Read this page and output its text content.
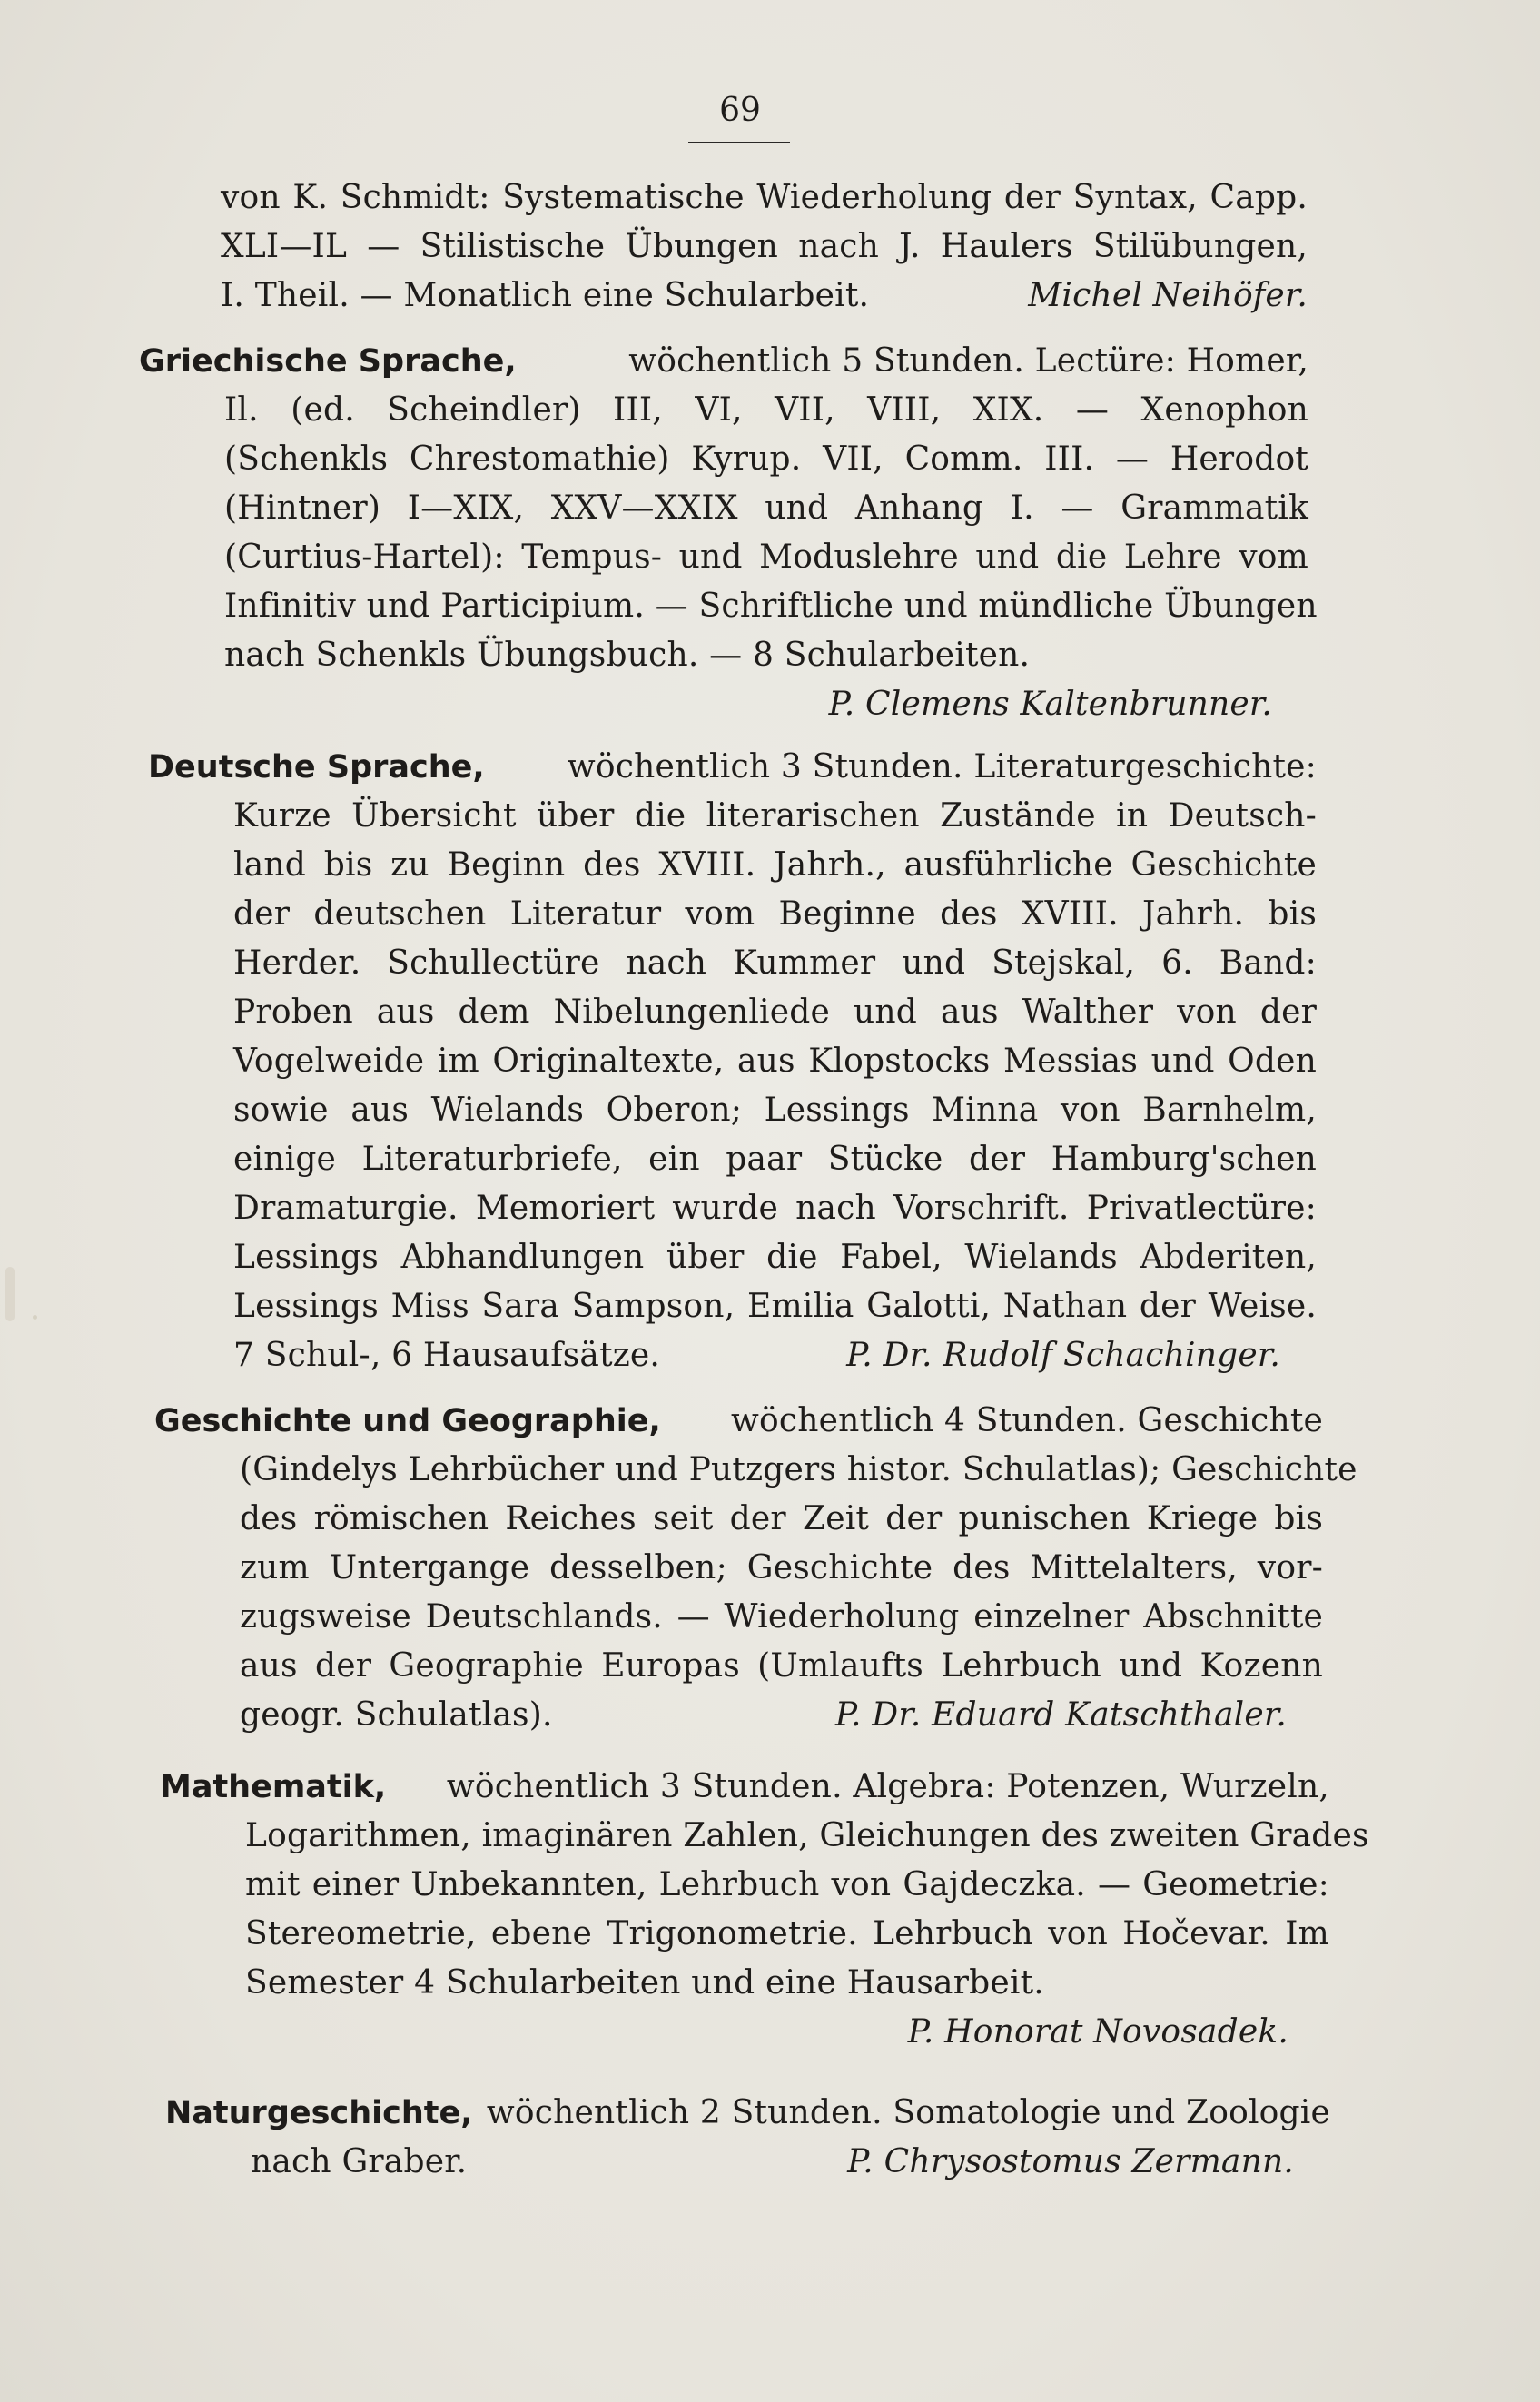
69
von K. Schmidt: Systematische Wiederholung der Syntax, Capp.
XLI—IL — Stilistische Übungen nach J. Haulers Stilübungen,
I. Theil. — Monatlich eine Schularbeit.	Michel Neihöfer.
Griechische Sprache,	wöchentlich 5 Stunden. Lectüre: Homer,
Il. (ed. Scheindler) III, VI, VII, VIII, XIX. — Xenophon
(Schenkls Chrestomathie) Kyrup. VII, Comm. III. — Herodot
(Hintner) I—XIX, XXV—XXIX und Anhang I. — Grammatik
(Curtius-Hartel): Tempus- und Moduslehre und die Lehre vom
Infinitiv und Participium. — Schriftliche und mündliche Übungen
nach Schenkls Übungsbuch. — 8 Schularbeiten.
P. Clemens Kaltenbrunner.
Deutsche Sprache,	wöchentlich 3 Stunden. Literaturgeschichte:
Kurze Übersicht über die literarischen Zustände in Deutsch-
land bis zu Beginn des XVIII. Jahrh., ausführliche Geschichte
der deutschen Literatur vom Beginne des XVIII. Jahrh. bis
Herder. Schullectüre nach Kummer und Stejskal, 6. Band:
Proben aus dem Nibelungenliede und aus Walther von der
Vogelweide im Originaltexte, aus Klopstocks Messias und Oden
sowie aus Wielands Oberon; Lessings Minna von Barnhelm,
einige Literaturbriefe, ein paar Stücke der Hamburg'schen
Dramaturgie. Memoriert wurde nach Vorschrift. Privatlectüre:
Lessings Abhandlungen über die Fabel, Wielands Abderiten,
Lessings Miss Sara Sampson, Emilia Galotti, Nathan der Weise.
7 Schul-, 6 Hausaufsätze.	P. Dr. Rudolf Schachinger.
Geschichte und Geographie, wöchentlich 4 Stunden. Geschichte
(Gindelys Lehrbücher und Putzgers histor. Schulatlas); Geschichte
des römischen Reiches seit der Zeit der punischen Kriege bis
zum Untergange desselben; Geschichte des Mittelalters, vor-
zugsweise Deutschlands. — Wiederholung einzelner Abschnitte
aus der Geographie Europas (Umlaufts Lehrbuch und Kozenn
geogr. Schulatlas).	P. Dr. Eduard Katschthaler.
Mathematik, wöchentlich 3 Stunden. Algebra: Potenzen, Wurzeln,
Logarithmen, imaginären Zahlen, Gleichungen des zweiten Grades
mit einer Unbekannten, Lehrbuch von Gajdeczka. — Geometrie:
Stereometrie, ebene Trigonometrie. Lehrbuch von Hočevar. Im
Semester 4 Schularbeiten und eine Hausarbeit.
P. Honorat Novosadek.
Naturgeschichte, wöchentlich 2 Stunden. Somatologie und Zoologie
nach Graber.	P. Chrysostomus Zermann.
